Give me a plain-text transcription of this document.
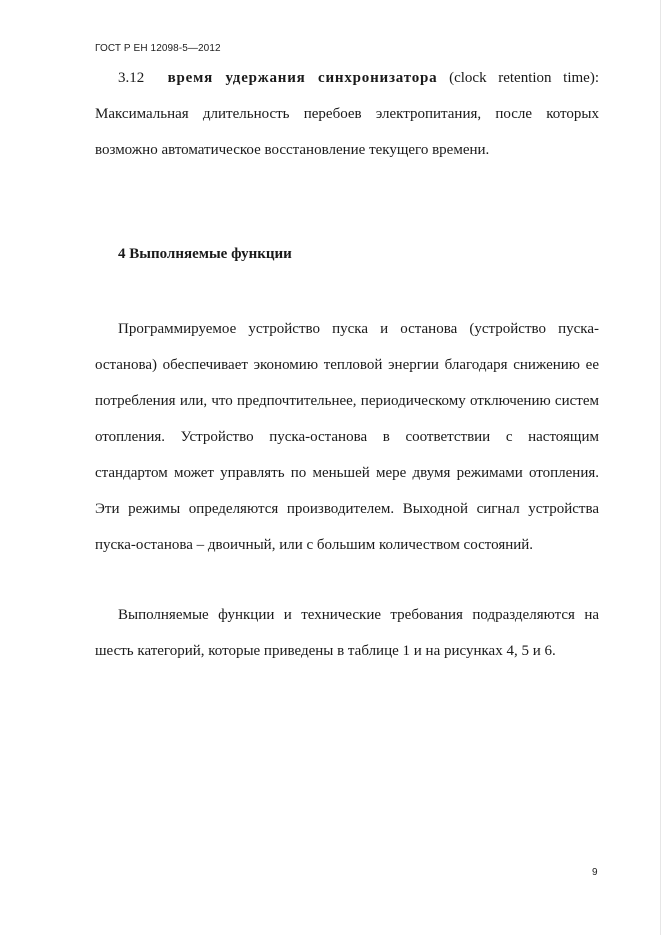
ГОСТ Р ЕН 12098-5—2012

3.12 время удержания синхронизатора (clock retention time): Максимальная длительность перебоев электропитания, после которых возможно автоматическое восстановление текущего времени.

4 Выполняемые функции

Программируемое устройство пуска и останова (устройство пуска-останова) обеспечивает экономию тепловой энергии благодаря снижению ее потребления или, что предпочтительнее, периодическому отключению систем отопления. Устройство пуска-останова в соответствии с настоящим стандартом может управлять по меньшей мере двумя режимами отопления. Эти режимы определяются производителем. Выходной сигнал устройства пуска-останова – двоичный, или с большим количеством состояний.

Выполняемые функции и технические требования подразделяются на шесть категорий, которые приведены в таблице 1 и на рисунках 4, 5 и 6.

9
